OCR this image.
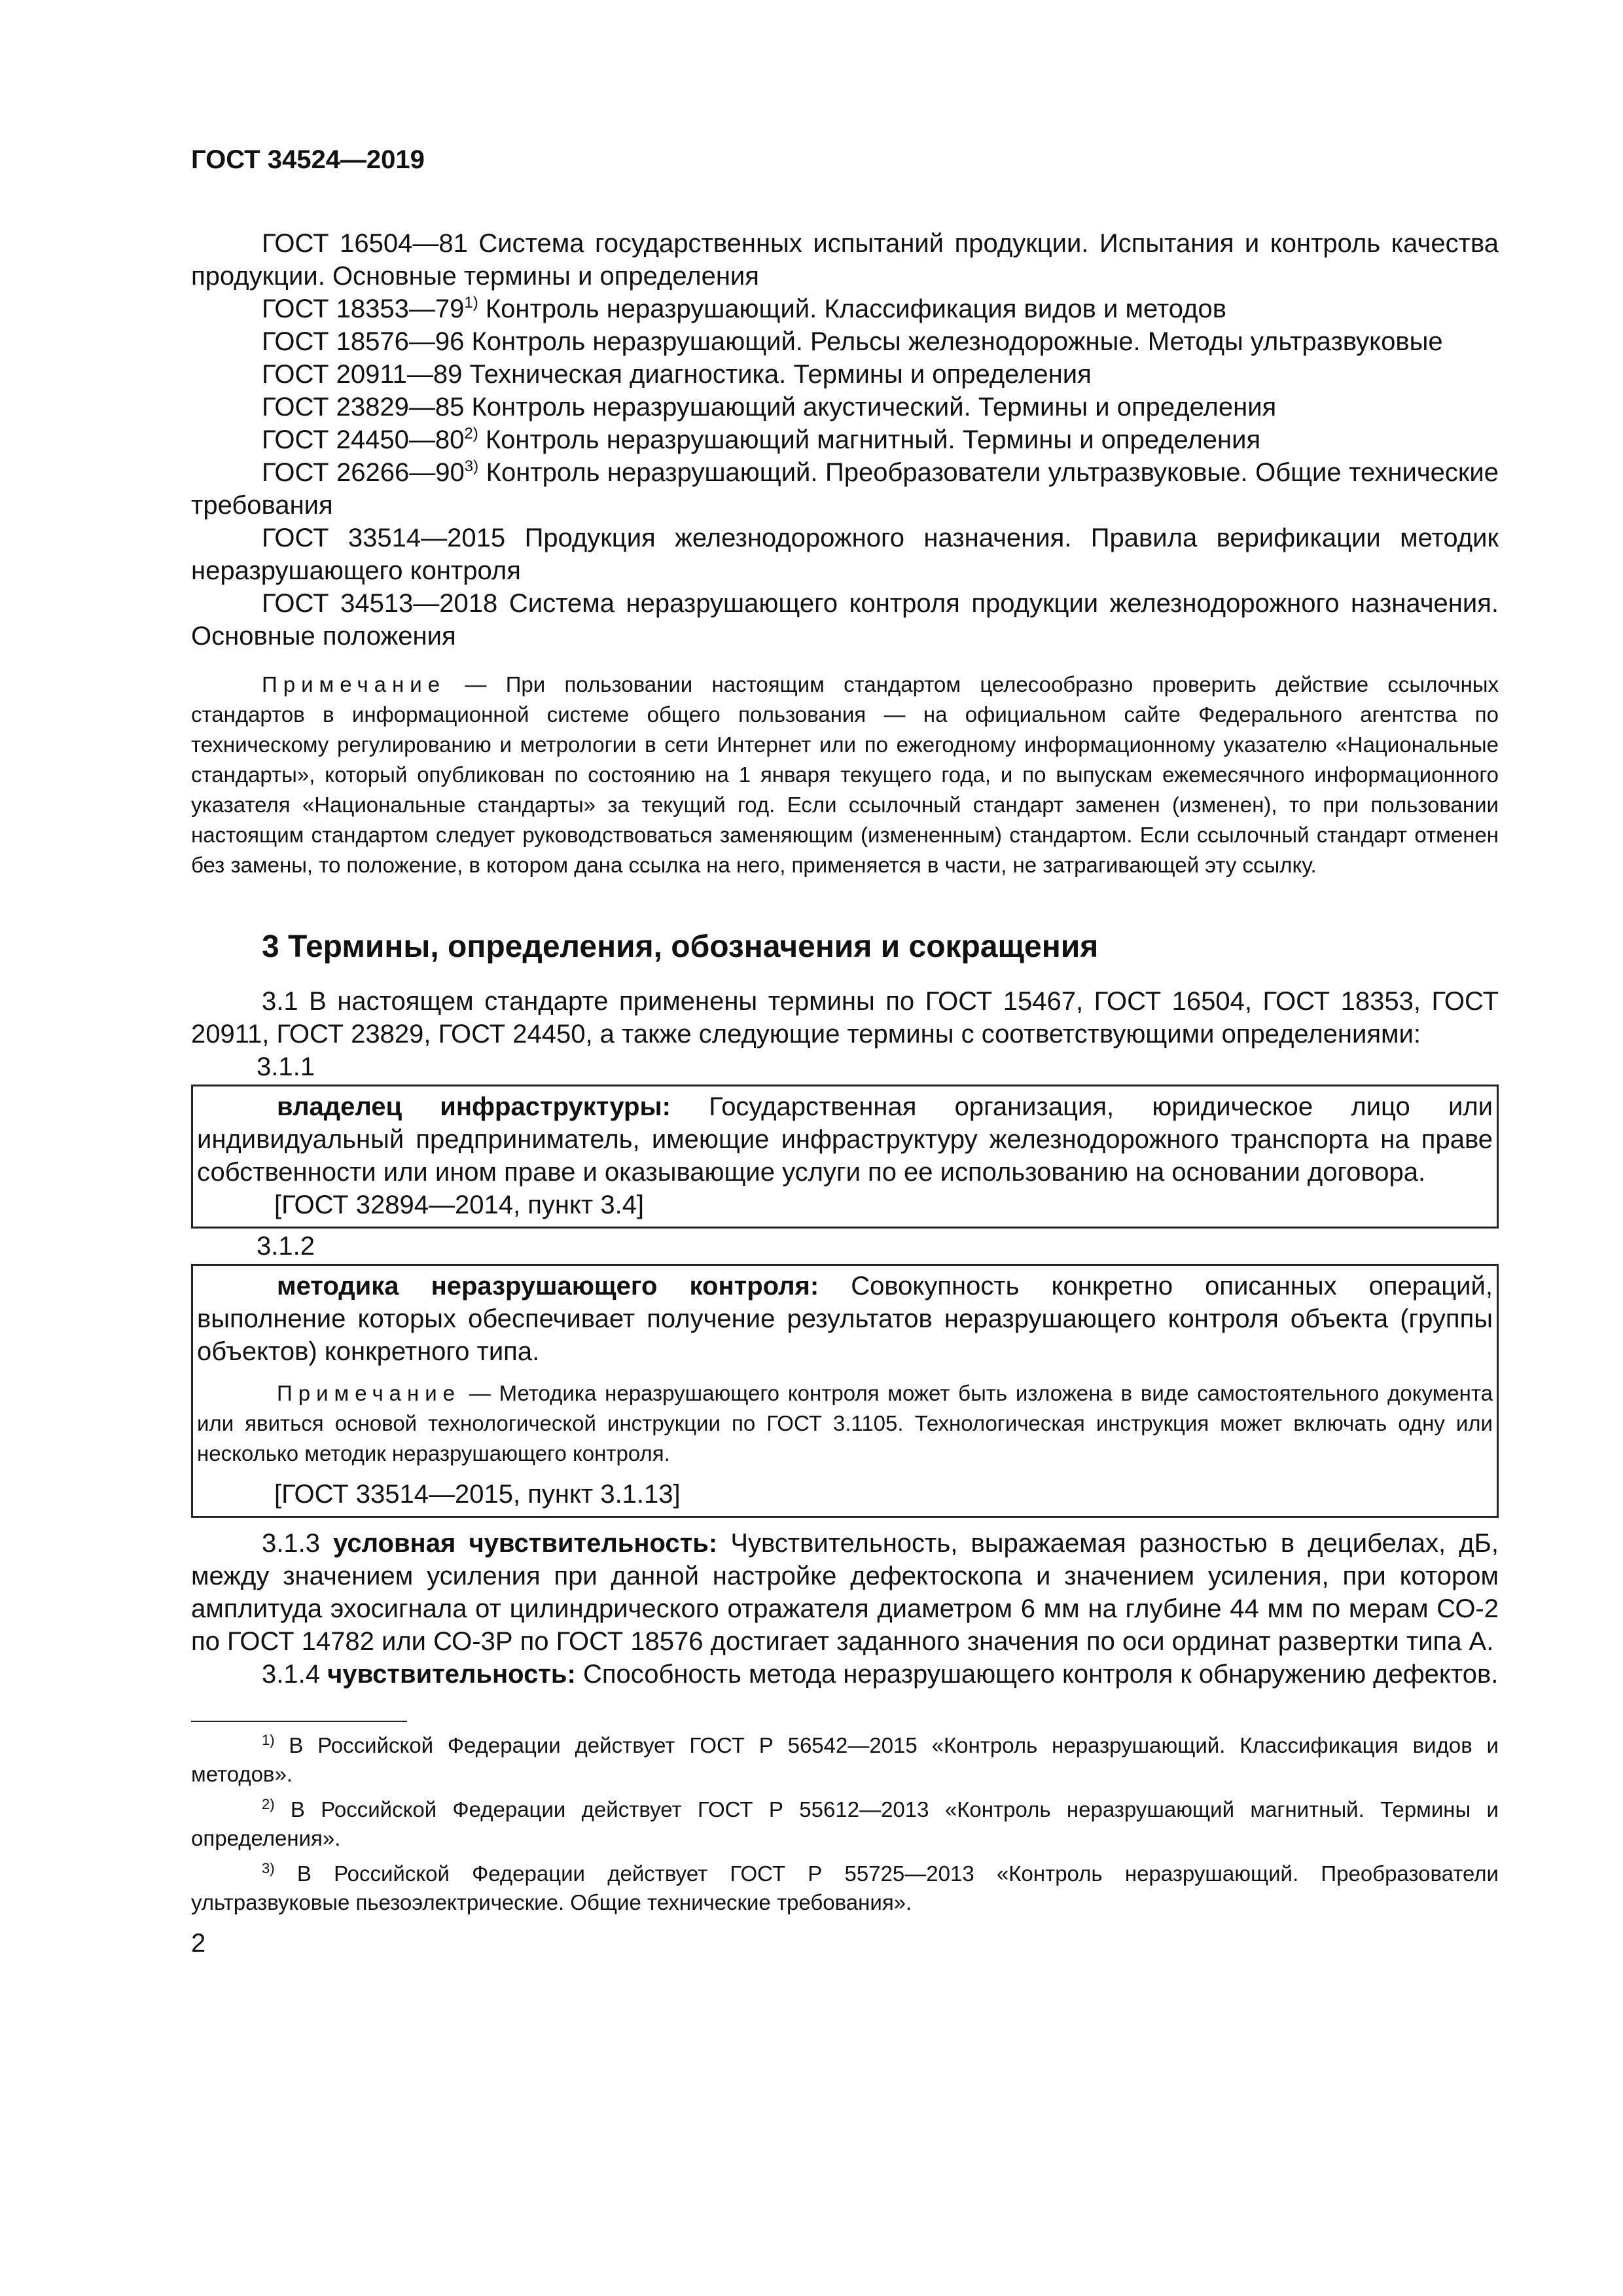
ГОСТ 34524—2019

ГОСТ 16504—81 Система государственных испытаний продукции. Испытания и контроль качества продукции. Основные термины и определения

ГОСТ 18353—79$^{1)}$ Контроль неразрушающий. Классификация видов и методов

ГОСТ 18576—96 Контроль неразрушающий. Рельсы железнодорожные. Методы ультразвуковые

ГОСТ 20911—89 Техническая диагностика. Термины и определения

ГОСТ 23829—85 Контроль неразрушающий акустический. Термины и определения

ГОСТ 24450—80$^{2)}$ Контроль неразрушающий магнитный. Термины и определения

ГОСТ 26266—90$^{3)}$ Контроль неразрушающий. Преобразователи ультразвуковые. Общие технические требования

ГОСТ 33514—2015 Продукция железнодорожного назначения. Правила верификации методик неразрушающего контроля

ГОСТ 34513—2018 Система неразрушающего контроля продукции железнодорожного назначения. Основные положения

Примечание — При пользовании настоящим стандартом целесообразно проверить действие ссылочных стандартов в информационной системе общего пользования — на официальном сайте Федерального агентства по техническому регулированию и метрологии в сети Интернет или по ежегодному информационному указателю «Национальные стандарты», который опубликован по состоянию на 1 января текущего года, и по выпускам ежемесячного информационного указателя «Национальные стандарты» за текущий год. Если ссылочный стандарт заменен (изменен), то при пользовании настоящим стандартом следует руководствоваться заменяющим (измененным) стандартом. Если ссылочный стандарт отменен без замены, то положение, в котором дана ссылка на него, применяется в части, не затрагивающей эту ссылку.

3 Термины, определения, обозначения и сокращения

3.1 В настоящем стандарте применены термины по ГОСТ 15467, ГОСТ 16504, ГОСТ 18353, ГОСТ 20911, ГОСТ 23829, ГОСТ 24450, а также следующие термины с соответствующими определениями:

3.1.1

владелец инфраструктуры: Государственная организация, юридическое лицо или индивидуальный предприниматель, имеющие инфраструктуру железнодорожного транспорта на праве собственности или ином праве и оказывающие услуги по ее использованию на основании договора.

[ГОСТ 32894—2014, пункт 3.4]
3.1.2

методика неразрушающего контроля: Совокупность конкретно описанных операций, выполнение которых обеспечивает получение результатов неразрушающего контроля объекта (группы объектов) конкретного типа.

Примечание — Методика неразрушающего контроля может быть изложена в виде самостоятельного документа или явиться основой технологической инструкции по ГОСТ 3.1105. Технологическая инструкция может включать одну или несколько методик неразрушающего контроля.

[ГОСТ 33514—2015, пункт 3.1.13]

3.1.3 условная чувствительность: Чувствительность, выражаемая разностью в децибелах, дБ, между значением усиления при данной настройке дефектоскопа и значением усиления, при котором амплитуда эхосигнала от цилиндрического отражателя диаметром 6 мм на глубине 44 мм по мерам СО-2 по ГОСТ 14782 или СО-3Р по ГОСТ 18576 достигает заданного значения по оси ординат развертки типа А.

3.1.4 чувствительность: Способность метода неразрушающего контроля к обнаружению дефектов.

$^{1)}$ В Российской Федерации действует ГОСТ Р 56542—2015 «Контроль неразрушающий. Классификация видов и методов».

$^{2)}$ В Российской Федерации действует ГОСТ Р 55612—2013 «Контроль неразрушающий магнитный. Термины и определения».

$^{3)}$ В Российской Федерации действует ГОСТ Р 55725—2013 «Контроль неразрушающий. Преобразователи ультразвуковые пьезоэлектрические. Общие технические требования».

2
